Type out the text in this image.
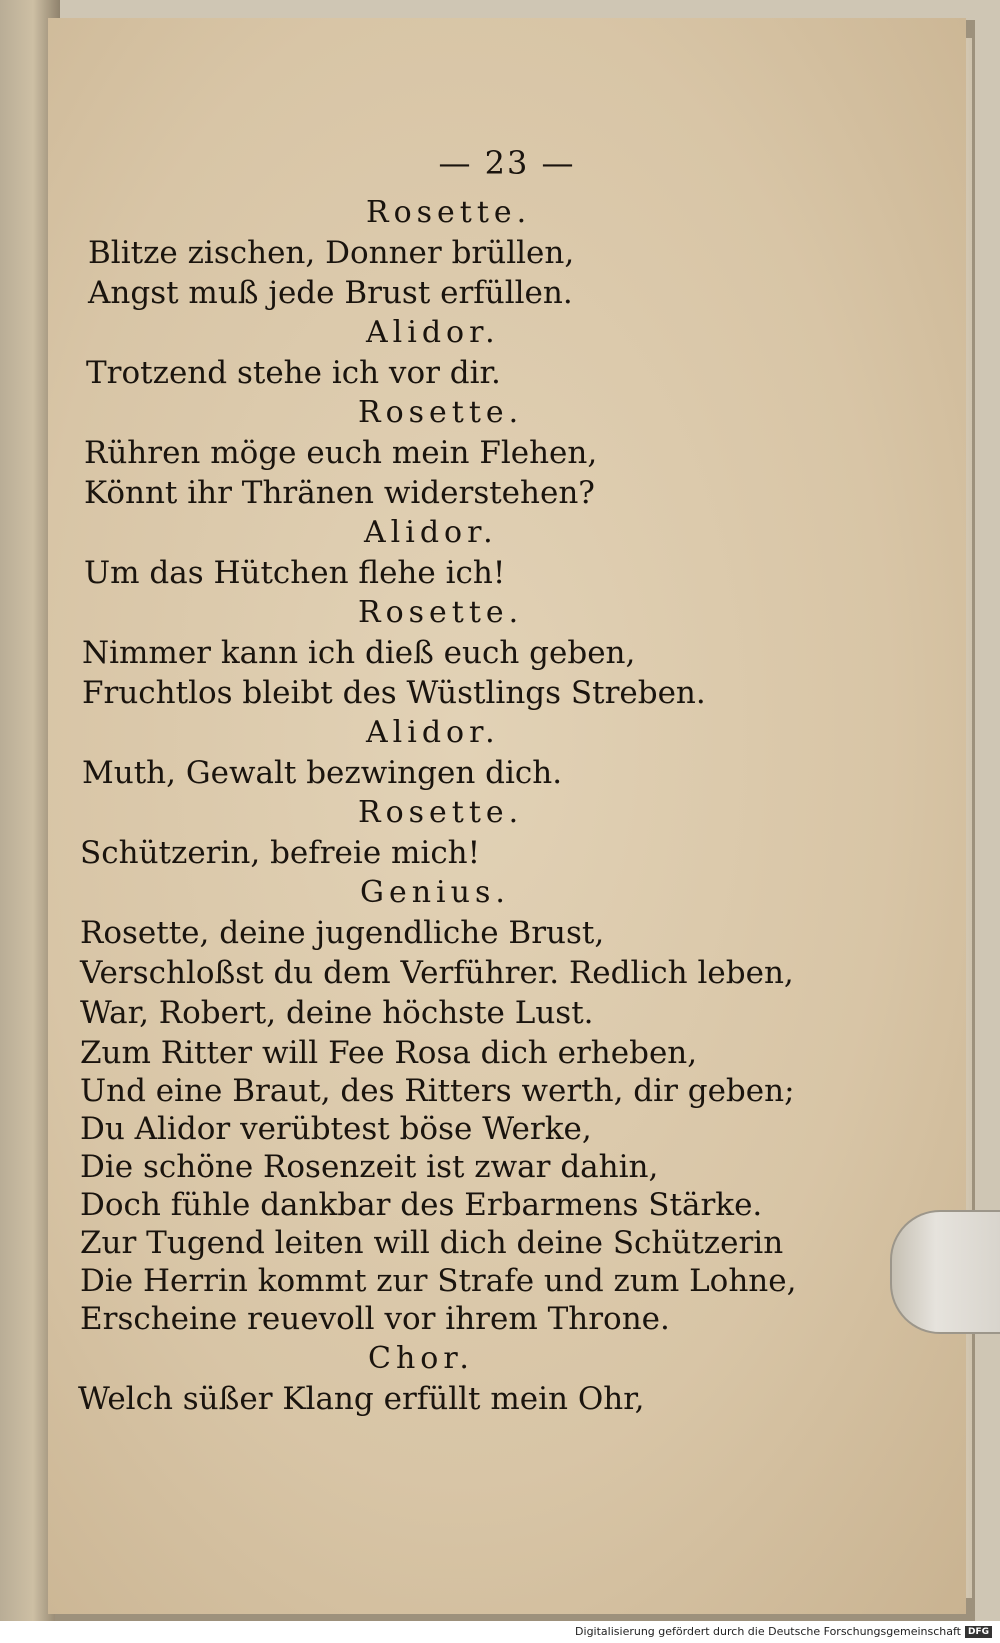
— 23 —
Rosette.
Blitze zischen, Donner brüllen,
Angst muß jede Brust erfüllen.
Alidor.
Trotzend stehe ich vor dir.
Rosette.
Rühren möge euch mein Flehen,
Könnt ihr Thränen widerstehen?
Alidor.
Um das Hütchen flehe ich!
Rosette.
Nimmer kann ich dieß euch geben,
Fruchtlos bleibt des Wüstlings Streben.
Alidor.
Muth, Gewalt bezwingen dich.
Rosette.
Schützerin, befreie mich!
Genius.
Rosette, deine jugendliche Brust,
Verschloßst du dem Verführer. Redlich leben,
War, Robert, deine höchste Lust.
Zum Ritter will Fee Rosa dich erheben,
Und eine Braut, des Ritters werth, dir geben;
Du Alidor verübtest böse Werke,
Die schöne Rosenzeit ist zwar dahin,
Doch fühle dankbar des Erbarmens Stärke.
Zur Tugend leiten will dich deine Schützerin
Die Herrin kommt zur Strafe und zum Lohne,
Erscheine reuevoll vor ihrem Throne.
Chor.
Welch süßer Klang erfüllt mein Ohr,
Digitalisierung gefördert durch die Deutsche Forschungsgemeinschaft DFG
